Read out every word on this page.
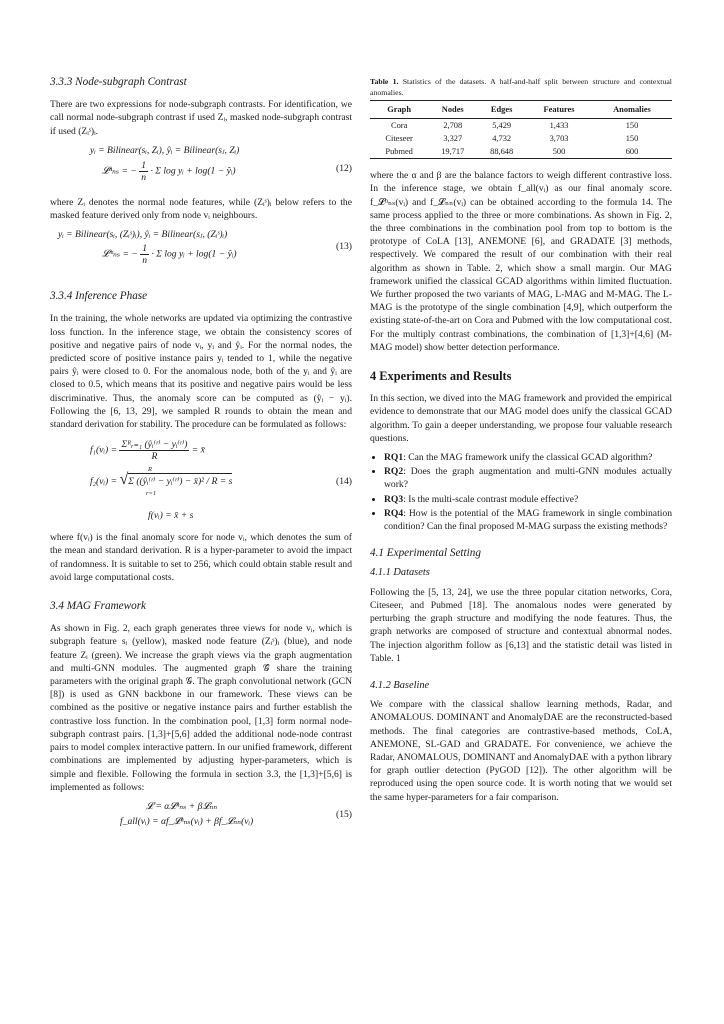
3.3.3 Node-subgraph Contrast

There are two expressions for node-subgraph contrasts. For identification, we call normal node-subgraph contrast if used Zᵢ, masked node-subgraph contrast if used (Zᵢˢ)ᵢ.

yᵢ = Bilinear(sᵢ, Zᵢ), ŷᵢ = Bilinear(sⱼ, Zᵢ)
𝓛ⁿₙₛ = − $\frac{1}{n} \cdot \Sigma$ log yᵢ + log(1 − ŷᵢ)	(12)

where Zᵢ denotes the normal node features, while (Zᵢˢ)ᵢ below refers to the masked feature derived only from node vᵢ neighbours.

yᵢ = Bilinear(sᵢ, (Zᵢˢ)ᵢ), ŷᵢ = Bilinear(sⱼ, (Zᵢˢ)ᵢ)
𝓛ᵐₙₛ = − $\frac{1}{n} \cdot \Sigma$ log yᵢ + log(1 − ŷᵢ)
(13)
3.3.4 Inference Phase

In the training, the whole networks are updated via optimizing the contrastive loss function. In the inference stage, we obtain the consistency scores of positive and negative pairs of node vᵢ, yᵢ and ŷᵢ. For the normal nodes, the predicted score of positive instance pairs yᵢ tended to 1, while the negative pairs ŷᵢ were closed to 0. For the anomalous node, both of the yᵢ and ŷᵢ are closed to 0.5, which means that its positive and negative pairs would be less discriminative. Thus, the anomaly score can be computed as (ŷᵢ − yᵢ). Following the [6, 13, 29], we sampled R rounds to obtain the mean and standard derivation for stability. The procedure can be formulated as follows:

f₁(vᵢ) = $\frac{\text{Σᴿᵣ₌₁ (ŷᵢ⁽ʳ⁾ − yᵢ⁽ʳ⁾)}}{R}$ = x̄
f₂(vᵢ) = √Σ ((ŷᵢ⁽ʳ⁾ − yᵢ⁽ʳ⁾) − x̄)² / R = s
R
r=1
f(vᵢ) = x̄ + s
(14)

where f(vᵢ) is the final anomaly score for node vᵢ, which denotes the sum of the mean and standard derivation. R is a hyper-parameter to avoid the impact of randomness. It is suitable to set to 256, which could obtain stable result and avoid large computational costs.

3.4 MAG Framework

As shown in Fig. 2, each graph generates three views for node vᵢ, which is subgraph feature sᵢ (yellow), masked node feature (Zᵢˢ)ᵢ (blue), and node feature Zᵢ (green). We increase the graph views via the graph augmentation and multi-GNN modules. The augmented graph 𝒢̂ share the training parameters with the original graph 𝒢. The graph convolutional network (GCN [8]) is used as GNN backbone in our framework. These views can be combined as the positive or negative instance pairs and further establish the contrastive loss function. In the combination pool, [1,3] form normal node-subgraph contrast pairs. [1,3]+[5,6] added the additional node-node contrast pairs to model complex interactive pattern. In our unified framework, different combinations are implemented by adjusting hyper-parameters, which is simple and flexible. Following the formula in section 3.3, the [1,3]+[5,6] is implemented as follows:

𝓛 = α𝓛ⁿₙₛ + β𝓛ₙₙ
f_all(vᵢ) = αf_𝓛ⁿₙₛ(vᵢ) + βf_𝓛ₙₙ(vᵢ)
(15)
Table 1. Statistics of the datasets. A half-and-half split between structure and contextual anomalies.
Graph	Nodes	Edges	Features	Anomalies
Cora	2,708	5,429	1,433	150
Citeseer	3,327	4,732	3,703	150
Pubmed	19,717	88,648	500	600

where the α and β are the balance factors to weigh different contrastive loss. In the inference stage, we obtain f_all(vᵢ) as our final anomaly score. f_𝓛ⁿₙₛ(vᵢ) and f_𝓛ₙₙ(vᵢ) can be obtained according to the formula 14. The same process applied to the three or more combinations. As shown in Fig. 2, the three combinations in the combination pool from top to bottom is the prototype of CoLA [13], ANEMONE [6], and GRADATE [3] methods, respectively. We compared the result of our combination with their real algorithm as shown in Table. 2, which show a small margin. Our MAG framework unified the classical GCAD algorithms within limited fluctuation. We further proposed the two variants of MAG, L-MAG and M-MAG. The L-MAG is the prototype of the single combination [4,9], which outperform the existing state-of-the-art on Cora and Pubmed with the low computational cost. For the multiply contrast combinations, the combination of [1,3]+[4,6] (M-MAG model) show better detection performance.

4 Experiments and Results

In this section, we dived into the MAG framework and provided the empirical evidence to demonstrate that our MAG model does unify the classical GCAD algorithm. To gain a deeper understanding, we propose four valuable research questions.

• RQ1: Can the MAG framework unify the classical GCAD algorithm?
• RQ2: Does the graph augmentation and multi-GNN modules actually work?
• RQ3: Is the multi-scale contrast module effective?
• RQ4: How is the potential of the MAG framework in single combination condition? Can the final proposed M-MAG surpass the existing methods?
4.1 Experimental Setting
4.1.1 Datasets

Following the [5, 13, 24], we use the three popular citation networks, Cora, Citeseer, and Pubmed [18]. The anomalous nodes were generated by perturbing the graph structure and modifying the node features. Thus, the graph networks are composed of structure and contextual abnormal nodes. The injection algorithm follow as [6,13] and the statistic detail was listed in Table. 1

4.1.2 Baseline

We compare with the classical shallow learning methods, Radar, and ANOMALOUS. DOMINANT and AnomalyDAE are the reconstructed-based methods. The final categories are contrastive-based methods, CoLA, ANEMONE, SL-GAD and GRADATE. For convenience, we achieve the Radar, ANOMALOUS, DOMINANT and AnomalyDAE with a python library for graph outlier detection (PyGOD [12]). The other algorithm will be reproduced using the open source code. It is worth noting that we would set the same hyper-parameters for a fair comparison.
